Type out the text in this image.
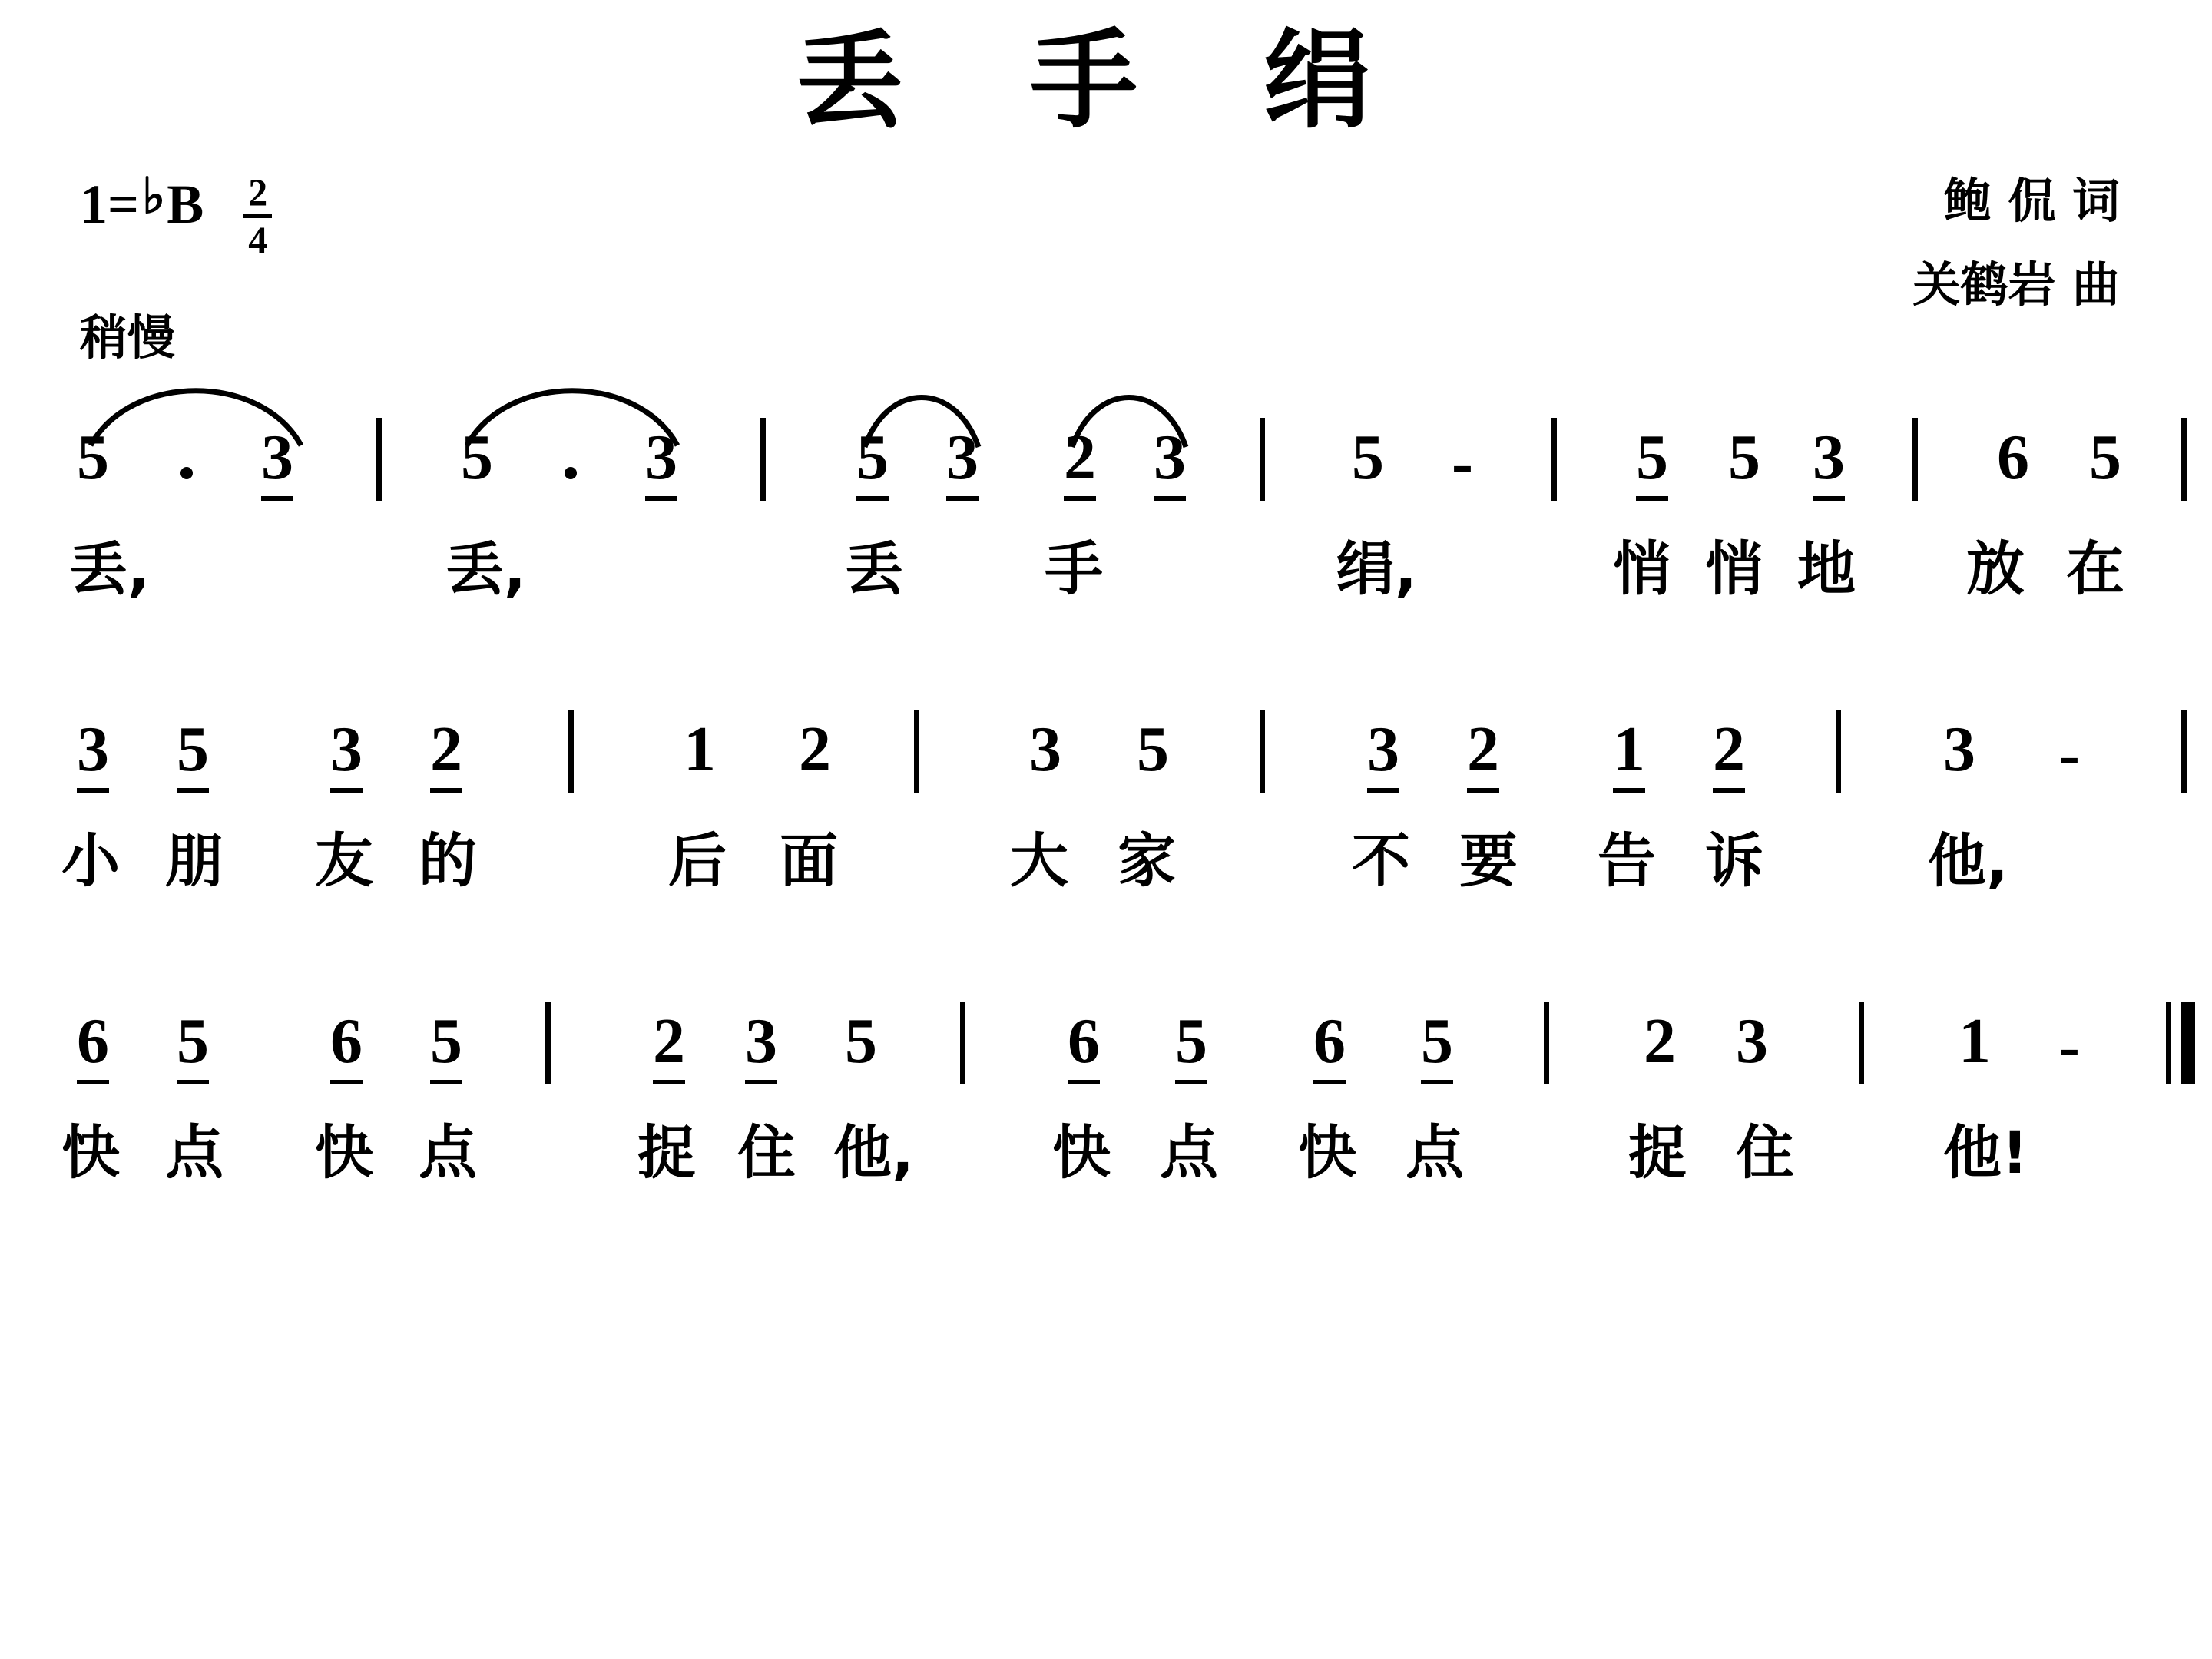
丢 手 绢
1= ♭ B $\frac{2}{4}$
稍慢
鲍 侃 词
关鹤岩 曲
5 3	5 3	5 3 2 3	5 -	5 5 3 6 5
丢,	丢,	丢 手	绢,	悄 悄 地 放 在
3 5 3 2	1 2	3 5	3 2 1 2	3 -
小 朋 友 的	后 面	大 家	不 要 告 诉	他,
6 5 6 5	2 3 5	6 5 6 5	2 3	1 -
快 点 快 点	捉 住 他, 快 点 快 点	捉 住	他!
